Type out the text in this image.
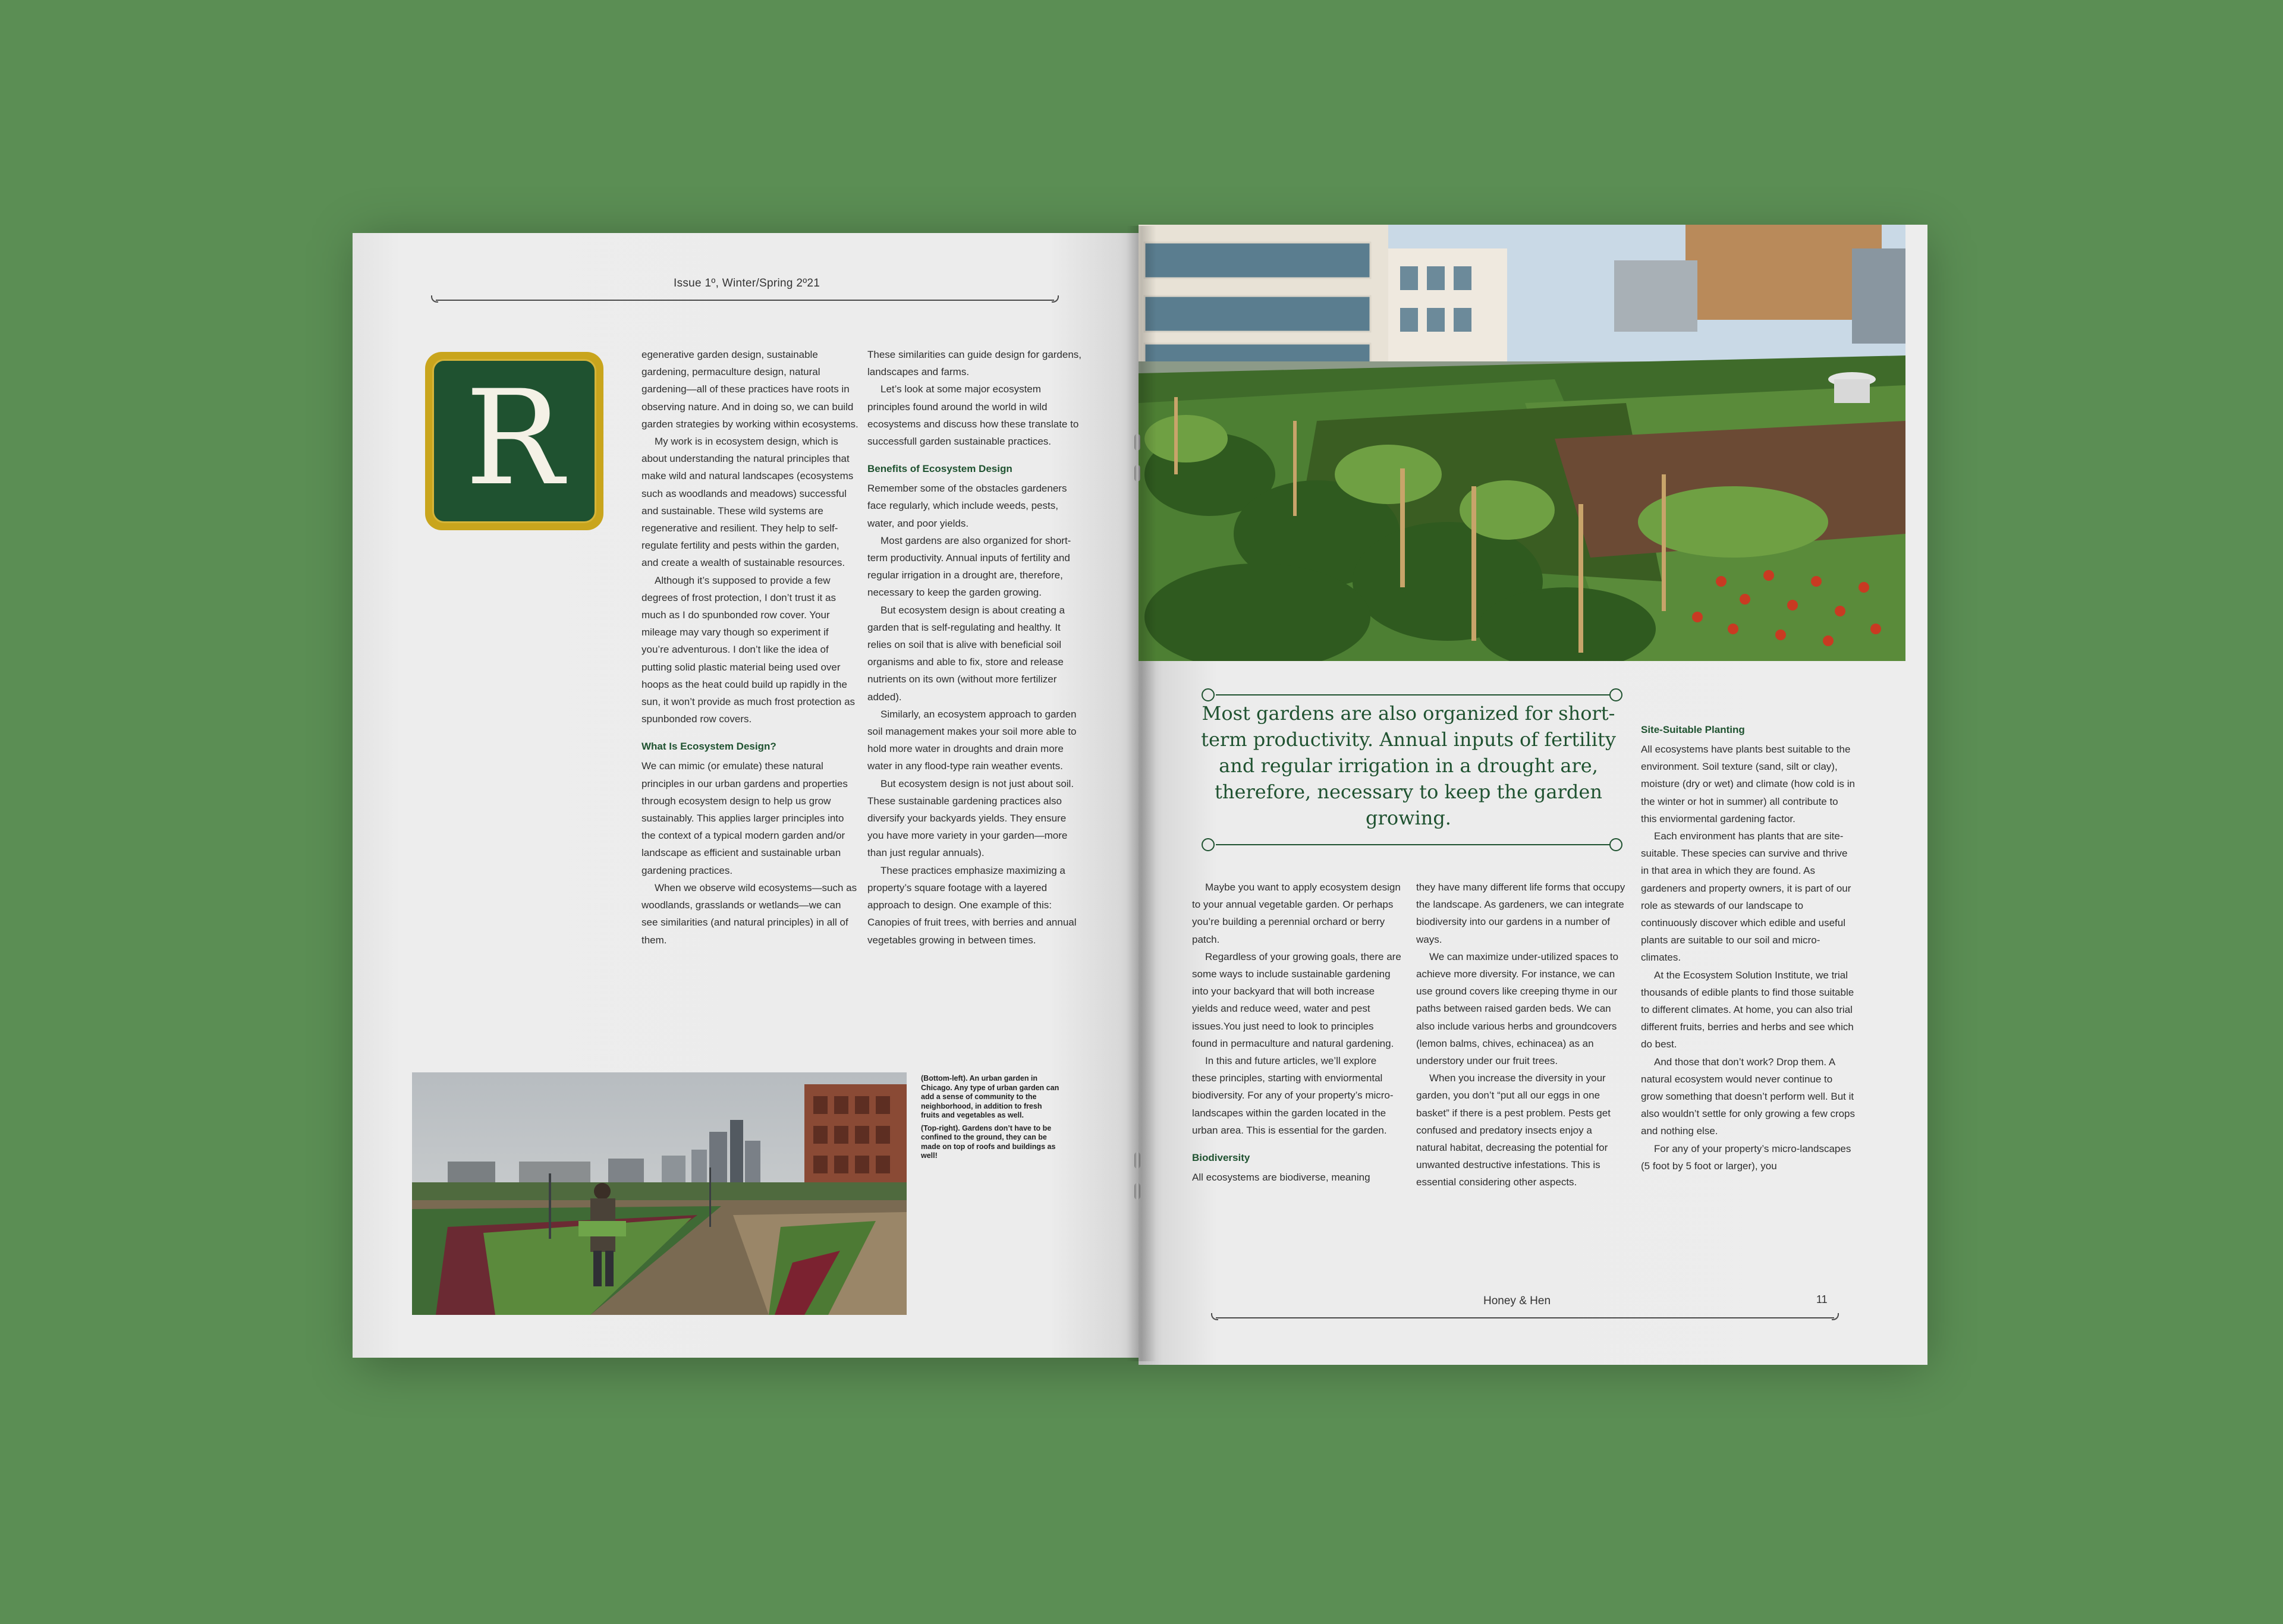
Issue 1º, Winter/Spring 2º21
R

egenerative garden design, sustainable gardening, permaculture design, natural gardening—all of these practices have roots in observing nature. And in doing so, we can build garden strategies by working within ecosystems.

My work is in ecosystem design, which is about understanding the natural principles that make wild and natural landscapes (ecosystems such as woodlands and meadows) successful and sustainable. These wild systems are regenerative and resilient. They help to self-regulate fertility and pests within the garden, and create a wealth of sustainable resources.

Although it’s supposed to provide a few degrees of frost protection, I don’t trust it as much as I do spunbonded row cover. Your mileage may vary though so experiment if you’re adventurous. I don’t like the idea of putting solid plastic material being used over hoops as the heat could build up rapidly in the sun, it won’t provide as much frost protection as spunbonded row covers.

What Is Ecosystem Design?

We can mimic (or emulate) these natural principles in our urban gardens and properties through ecosystem design to help us grow sustainably. This applies larger principles into the context of a typical modern garden and/or landscape as efficient and sustainable urban gardening practices.

When we observe wild ecosystems—such as woodlands, grasslands or wetlands—we can see similarities (and natural principles) in all of them.

These similarities can guide design for gardens, landscapes and farms.

Let’s look at some major ecosystem principles found around the world in wild ecosystems and discuss how these translate to successfull garden sustainable practices.

Benefits of Ecosystem Design

Remember some of the obstacles gardeners face regularly, which include weeds, pests, water, and poor yields.

Most gardens are also organized for short-term productivity. Annual inputs of fertility and regular irrigation in a drought are, therefore, necessary to keep the garden growing.

But ecosystem design is about creating a garden that is self-regulating and healthy. It relies on soil that is alive with beneficial soil organisms and able to fix, store and release nutrients on its own (without more fertilizer added).

Similarly, an ecosystem approach to garden soil management makes your soil more able to hold more water in droughts and drain more water in any flood-type rain weather events.

But ecosystem design is not just about soil. These sustainable gardening practices also diversify your backyards yields. They ensure you have more variety in your garden—more than just regular annuals).

These practices emphasize maximizing a property’s square footage with a layered approach to design. One example of this: Canopies of fruit trees, with berries and annual vegetables growing in between times.

(Bottom-left). An urban garden in Chicago. Any type of urban garden can add a sense of community to the neighborhood, in addition to fresh fruits and vegetables as well.

(Top-right). Gardens don’t have to be confined to the ground, they can be made on top of roofs and buildings as well!

Most gardens are also organized for short-term productivity. Annual inputs of fertility and regular irrigation in a drought are, therefore, necessary to keep the garden growing.

Maybe you want to apply ecosystem design to your annual vegetable garden. Or perhaps you’re building a perennial orchard or berry patch.

Regardless of your growing goals, there are some ways to include sustainable gardening into your backyard that will both increase yields and reduce weed, water and pest issues.You just need to look to principles found in permaculture and natural gardening.

In this and future articles, we’ll explore these principles, starting with enviormental biodiversity. For any of your property’s micro-landscapes within the garden located in the urban area. This is essential for the garden.

Biodiversity

All ecosystems are biodiverse, meaning

they have many different life forms that occupy the landscape. As gardeners, we can integrate biodiversity into our gardens in a number of ways.

We can maximize under-utilized spaces to achieve more diversity. For instance, we can use ground covers like creeping thyme in our paths between raised garden beds. We can also include various herbs and groundcovers (lemon balms, chives, echinacea) as an understory under our fruit trees.

When you increase the diversity in your garden, you don’t “put all our eggs in one basket” if there is a pest problem. Pests get confused and predatory insects enjoy a natural habitat, decreasing the potential for unwanted destructive infestations. This is essential considering other aspects.

Site-Suitable Planting

All ecosystems have plants best suitable to the environment. Soil texture (sand, silt or clay), moisture (dry or wet) and climate (how cold is in the winter or hot in summer) all contribute to this enviormental gardening factor.

Each environment has plants that are site-suitable. These species can survive and thrive in that area in which they are found. As gardeners and property owners, it is part of our role as stewards of our landscape to continuously discover which edible and useful plants are suitable to our soil and micro-climates.

At the Ecosystem Solution Institute, we trial thousands of edible plants to find those suitable to different climates. At home, you can also trial different fruits, berries and herbs and see which do best.

And those that don’t work? Drop them. A natural ecosystem would never continue to grow something that doesn’t perform well. But it also wouldn’t settle for only growing a few crops and nothing else.

For any of your property’s micro-landscapes (5 foot by 5 foot or larger), you

Honey & Hen	11
